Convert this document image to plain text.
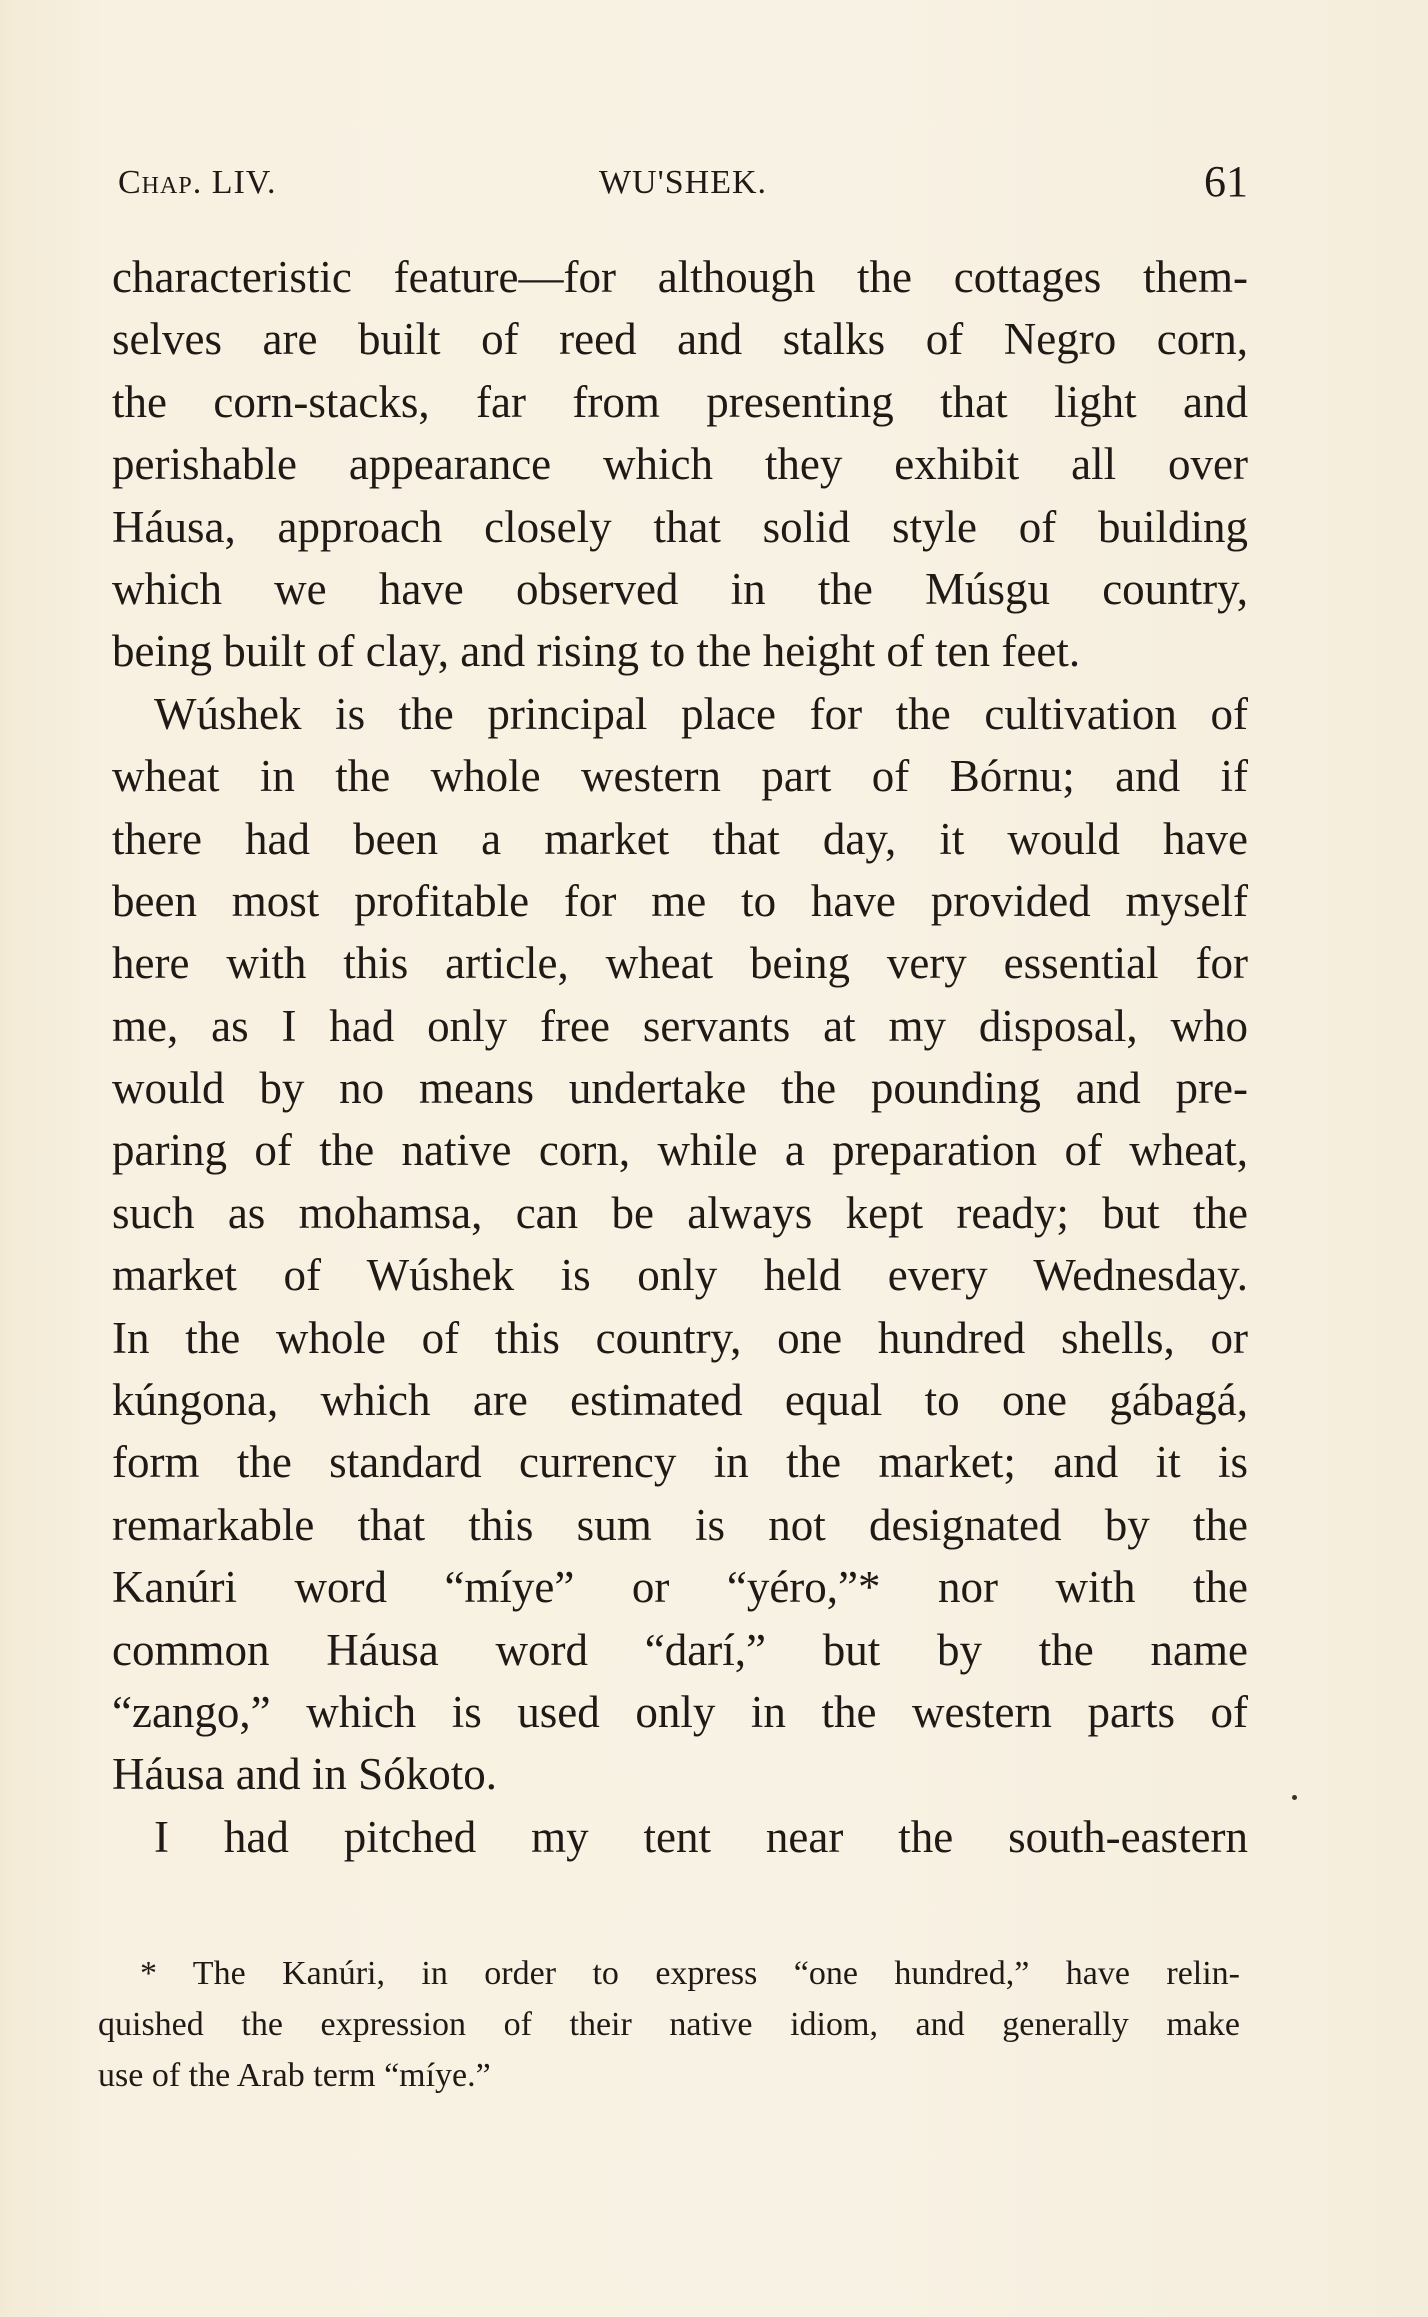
Chap. LIV.	WU'SHEK.	61
characteristic feature—for although the cottages them-
selves are built of reed and stalks of Negro corn,
the corn-stacks, far from presenting that light and
perishable appearance which they exhibit all over
Háusa, approach closely that solid style of building
which we have observed in the Músgu country,
being built of clay, and rising to the height of ten feet.
Wúshek is the principal place for the cultivation of
wheat in the whole western part of Bórnu; and if
there had been a market that day, it would have
been most profitable for me to have provided myself
here with this article, wheat being very essential for
me, as I had only free servants at my disposal, who
would by no means undertake the pounding and pre-
paring of the native corn, while a preparation of wheat,
such as mohamsa, can be always kept ready; but the
market of Wúshek is only held every Wednesday.
In the whole of this country, one hundred shells, or
kúngona, which are estimated equal to one gábagá,
form the standard currency in the market; and it is
remarkable that this sum is not designated by the
Kanúri word “míye” or “yéro,”* nor with the
common Háusa word “darí,” but by the name
“zango,” which is used only in the western parts of
Háusa and in Sókoto.
I had pitched my tent near the south-eastern
* The Kanúri, in order to express “one hundred,” have relin-
quished the expression of their native idiom, and generally make
use of the Arab term “míye.”
